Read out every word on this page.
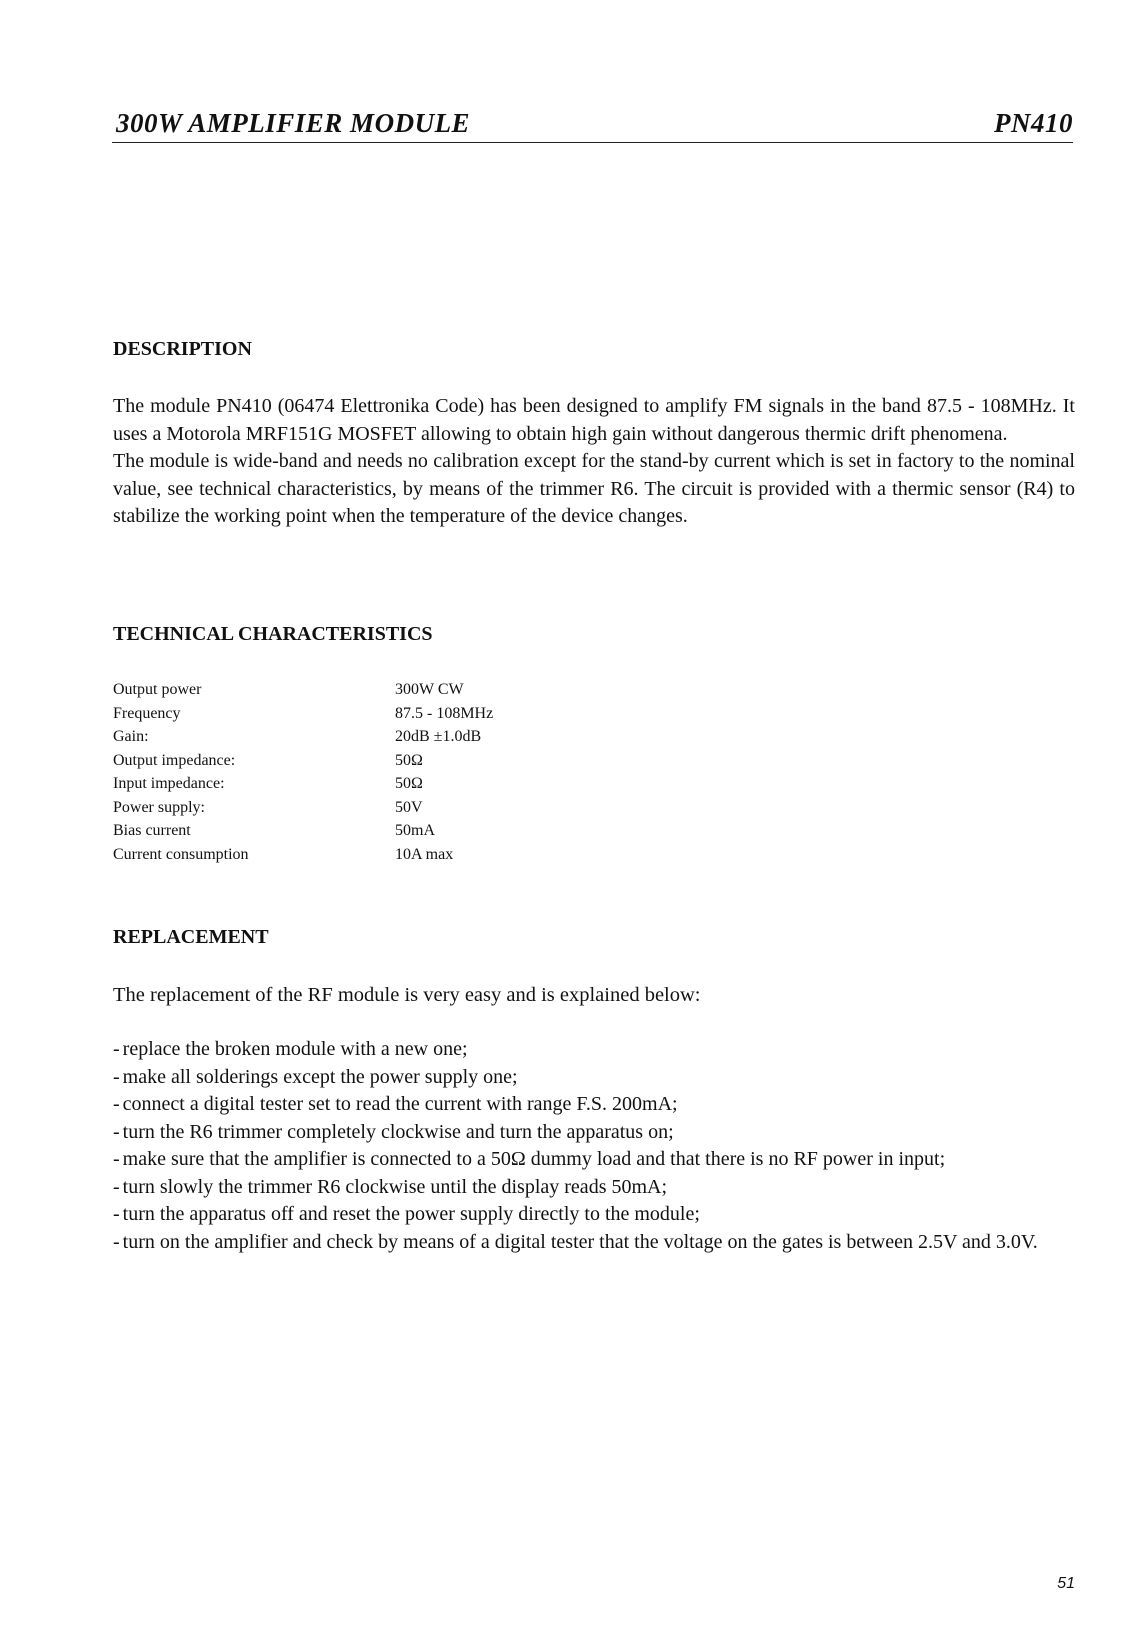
300W AMPLIFIER MODULE	PN410
DESCRIPTION

The module PN410 (06474 Elettronika Code) has been designed to amplify FM signals in the band 87.5 - 108MHz. It uses a Motorola MRF151G MOSFET allowing to obtain high gain without dangerous thermic drift phenomena.

The module is wide-band and needs no calibration except for the stand-by current which is set in factory to the nominal value, see technical characteristics, by means of the trimmer R6. The circuit is provided with a thermic sensor (R4) to stabilize the working point when the temperature of the device changes.

TECHNICAL CHARACTERISTICS
Output power	300W CW
Frequency	87.5 - 108MHz
Gain:	20dB ±1.0dB
Output impedance:	50Ω
Input impedance:	50Ω
Power supply:	50V
Bias current	50mA
Current consumption	10A max
REPLACEMENT

The replacement of the RF module is very easy and is explained below:

- replace the broken module with a new one;
- make all solderings except the power supply one;
- connect a digital tester set to read the current with range F.S. 200mA;
- turn the R6 trimmer completely clockwise and turn the apparatus on;
- make sure that the amplifier is connected to a 50Ω dummy load and that there is no RF power in input;
- turn slowly the trimmer R6 clockwise until the display reads 50mA;
- turn the apparatus off and reset the power supply directly to the module;
- turn on the amplifier and check by means of a digital tester that the voltage on the gates is between 2.5V and 3.0V.
51
